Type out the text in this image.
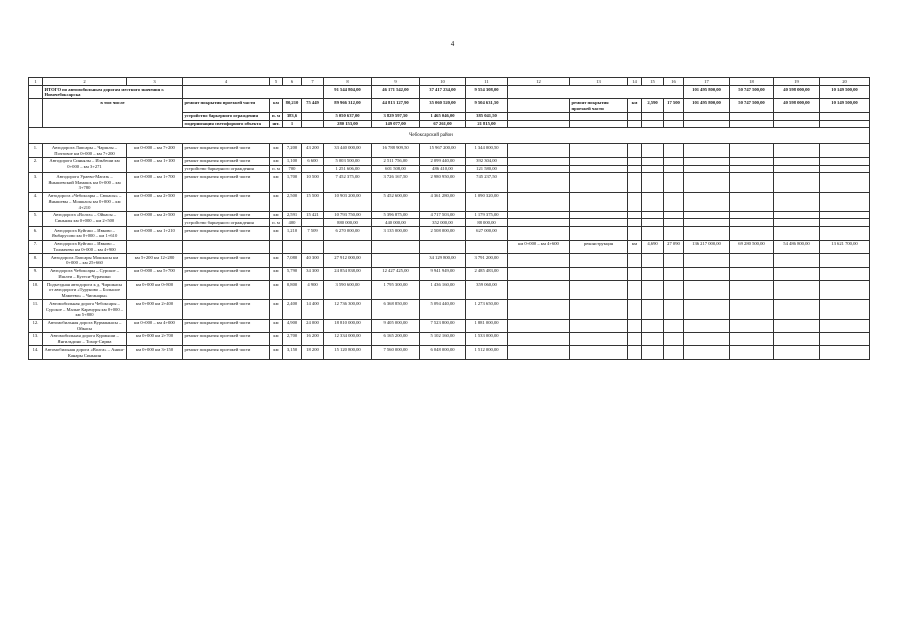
4
1	2	3	4	5	6	7	8	9	10	11	12	13	14	15	16	17	18	19	20
	ИТОГО по автомобильным дорогам местного значения г. Новочебоксарска						91 544 804,00	46 171 542,00	37 417 234,00	9 554 308,00						101 495 800,00	50 747 500,00	40 598 000,00	10 149 500,00
	в том числе		ремонт покрытия проезжей части	км	80,210	75 449	89 966 312,00	44 813 127,90	35 060 520,00	9 504 631,50		ремонт покрытия проезжей части	км	2,590	17 500	101 495 800,00	50 747 500,00	40 598 000,00	10 149 500,00
			устройство барьерного ограждения	п. м	383,6		5 050 637,00	3 829 597,50	1 465 046,00	385 041,50									
			модернизация светофорного объекта	шт.	1		280 153,00	149 077,00	67 261,00	21 815,00									
	Чебоксарский район																		
1.	Автодорога Лапсары – Чаршлы – Почтовое км 0+000 – км 7+200	км 0+000 – км 7+200	ремонт покрытия проезжей части	км	7,200	43 200	33 440 000,00	16 788 909,50	15 967 200,00	1 344 000,50									
2.	Автодорога Синьялы – Ильбеши км 0+000 – км 3+271	км 0+000 – км 1+100	ремонт покрытия проезжей части	км	1,100	6 600	5 003 500,00	2 511 756,00	2 099 440,00	392 304,00									
			устройство барьерного ограждения	п. м	700		1 251 606,00	601 508,00	486 410,00	121 580,00									
3.	Автодорога Ураево-Магазь – Янышевский Мамашь км 0+000 – км 3+780	км 0+000 – км 1+700	ремонт покрытия проезжей части	км	1,700	10 500	7 452 375,00	3 726 167,50	2 980 950,00	745 237,50									
4.	Автодорога «Чебоксары – Сюкасы» – Янышевы – Мошкасы км 0+000 – км 4+210	км 0+000 – км 2+500	ремонт покрытия проезжей части	км	2,500	15 500	10 903 200,00	5 452 600,00	4 361 280,00	1 090 320,00									
5.	Автодорога «Волга» – Ойкасы – Синьялы км 0+000 – км 2+500	км 0+000 – км 2+500	ремонт покрытия проезжей части	км	2,591	15 421	10 793 750,00	5 396 875,00	4 717 503,00	1 179 375,00									
			устройство барьерного ограждения	п. м	400		880 000,00	440 000,00	352 000,00	88 000,00									
6.	Автодорога Куйгаш – Ивково – Ямбарусово км 0+000 – км 1+610	км 0+000 – км 1+210	ремонт покрытия проезжей части	км	1,210	7 509	6 270 000,00	3 135 000,00	2 508 000,00	627 000,00									
7.	Автодорога Куйгаш – Ивково – Толмачево км 0+000 – км 4+900										км 0+000 – км 4+600	реконструкция	км	4,690	27 090	136 217 000,00	69 280 500,00	54 486 800,00	13 621 700,00
8.	Автодорога Лапсары Мошкасы км 0+000 – км 25+660	км 5+200 км 12+280	ремонт покрытия проезжей части	км	7,080	40 300	27 912 000,00		34 129 800,00	3 791 200,00									
9.	Автодорога Чебоксары – Сурское – Ишлеи – Кугеси-Чурачики	км 0+000 – км 5+700	ремонт покрытия проезжей части	км	5,790	34 300	24 854 838,00	12 427 425,00	9 941 949,00	2 485 483,00									
10.	Подъездная автодорога к д. Чиршкасы от автодороги «Туруново – Большое Мамеево» – Чиганары»	км 0+000 км 0+800	ремонт покрытия проезжей части	км	0,800	4 900	3 590 600,00	1 795 300,00	1 436 160,00	359 060,00									
11.	Автомобильная дорога Чебоксары – Сурское – Малые Карачуры км 0+000 – км 5+800	км 0+000 км 2+400	ремонт покрытия проезжей части	км	2,400	14 400	12 736 300,00	6 368 850,00	5 094 440,00	1 273 650,00									
12.	Автомобильная дорога Вурманкасы – Ойкасы	км 0+000 – км 4+000	ремонт покрытия проезжей части	км	4,900	24 000	18 810 000,00	9 405 000,00	7 523 800,00	1 881 000,00									
13.	Автомобильная дорога Курмыши – Янгильдино – Тохор-Сирма	км 0+000 км 2+700	ремонт покрытия проезжей части	км	2,700	16 200	12 334 000,00	6 165 200,00	5 102 160,00	1 533 000,00									
14.	Автомобильная дорога «Волга» – Аниш-Канары Синькин	км 0+000 км 3+150	ремонт покрытия проезжей части	км	3,150	18 200	15 120 800,00	7 560 000,00	6 048 000,00	1 512 000,00									
